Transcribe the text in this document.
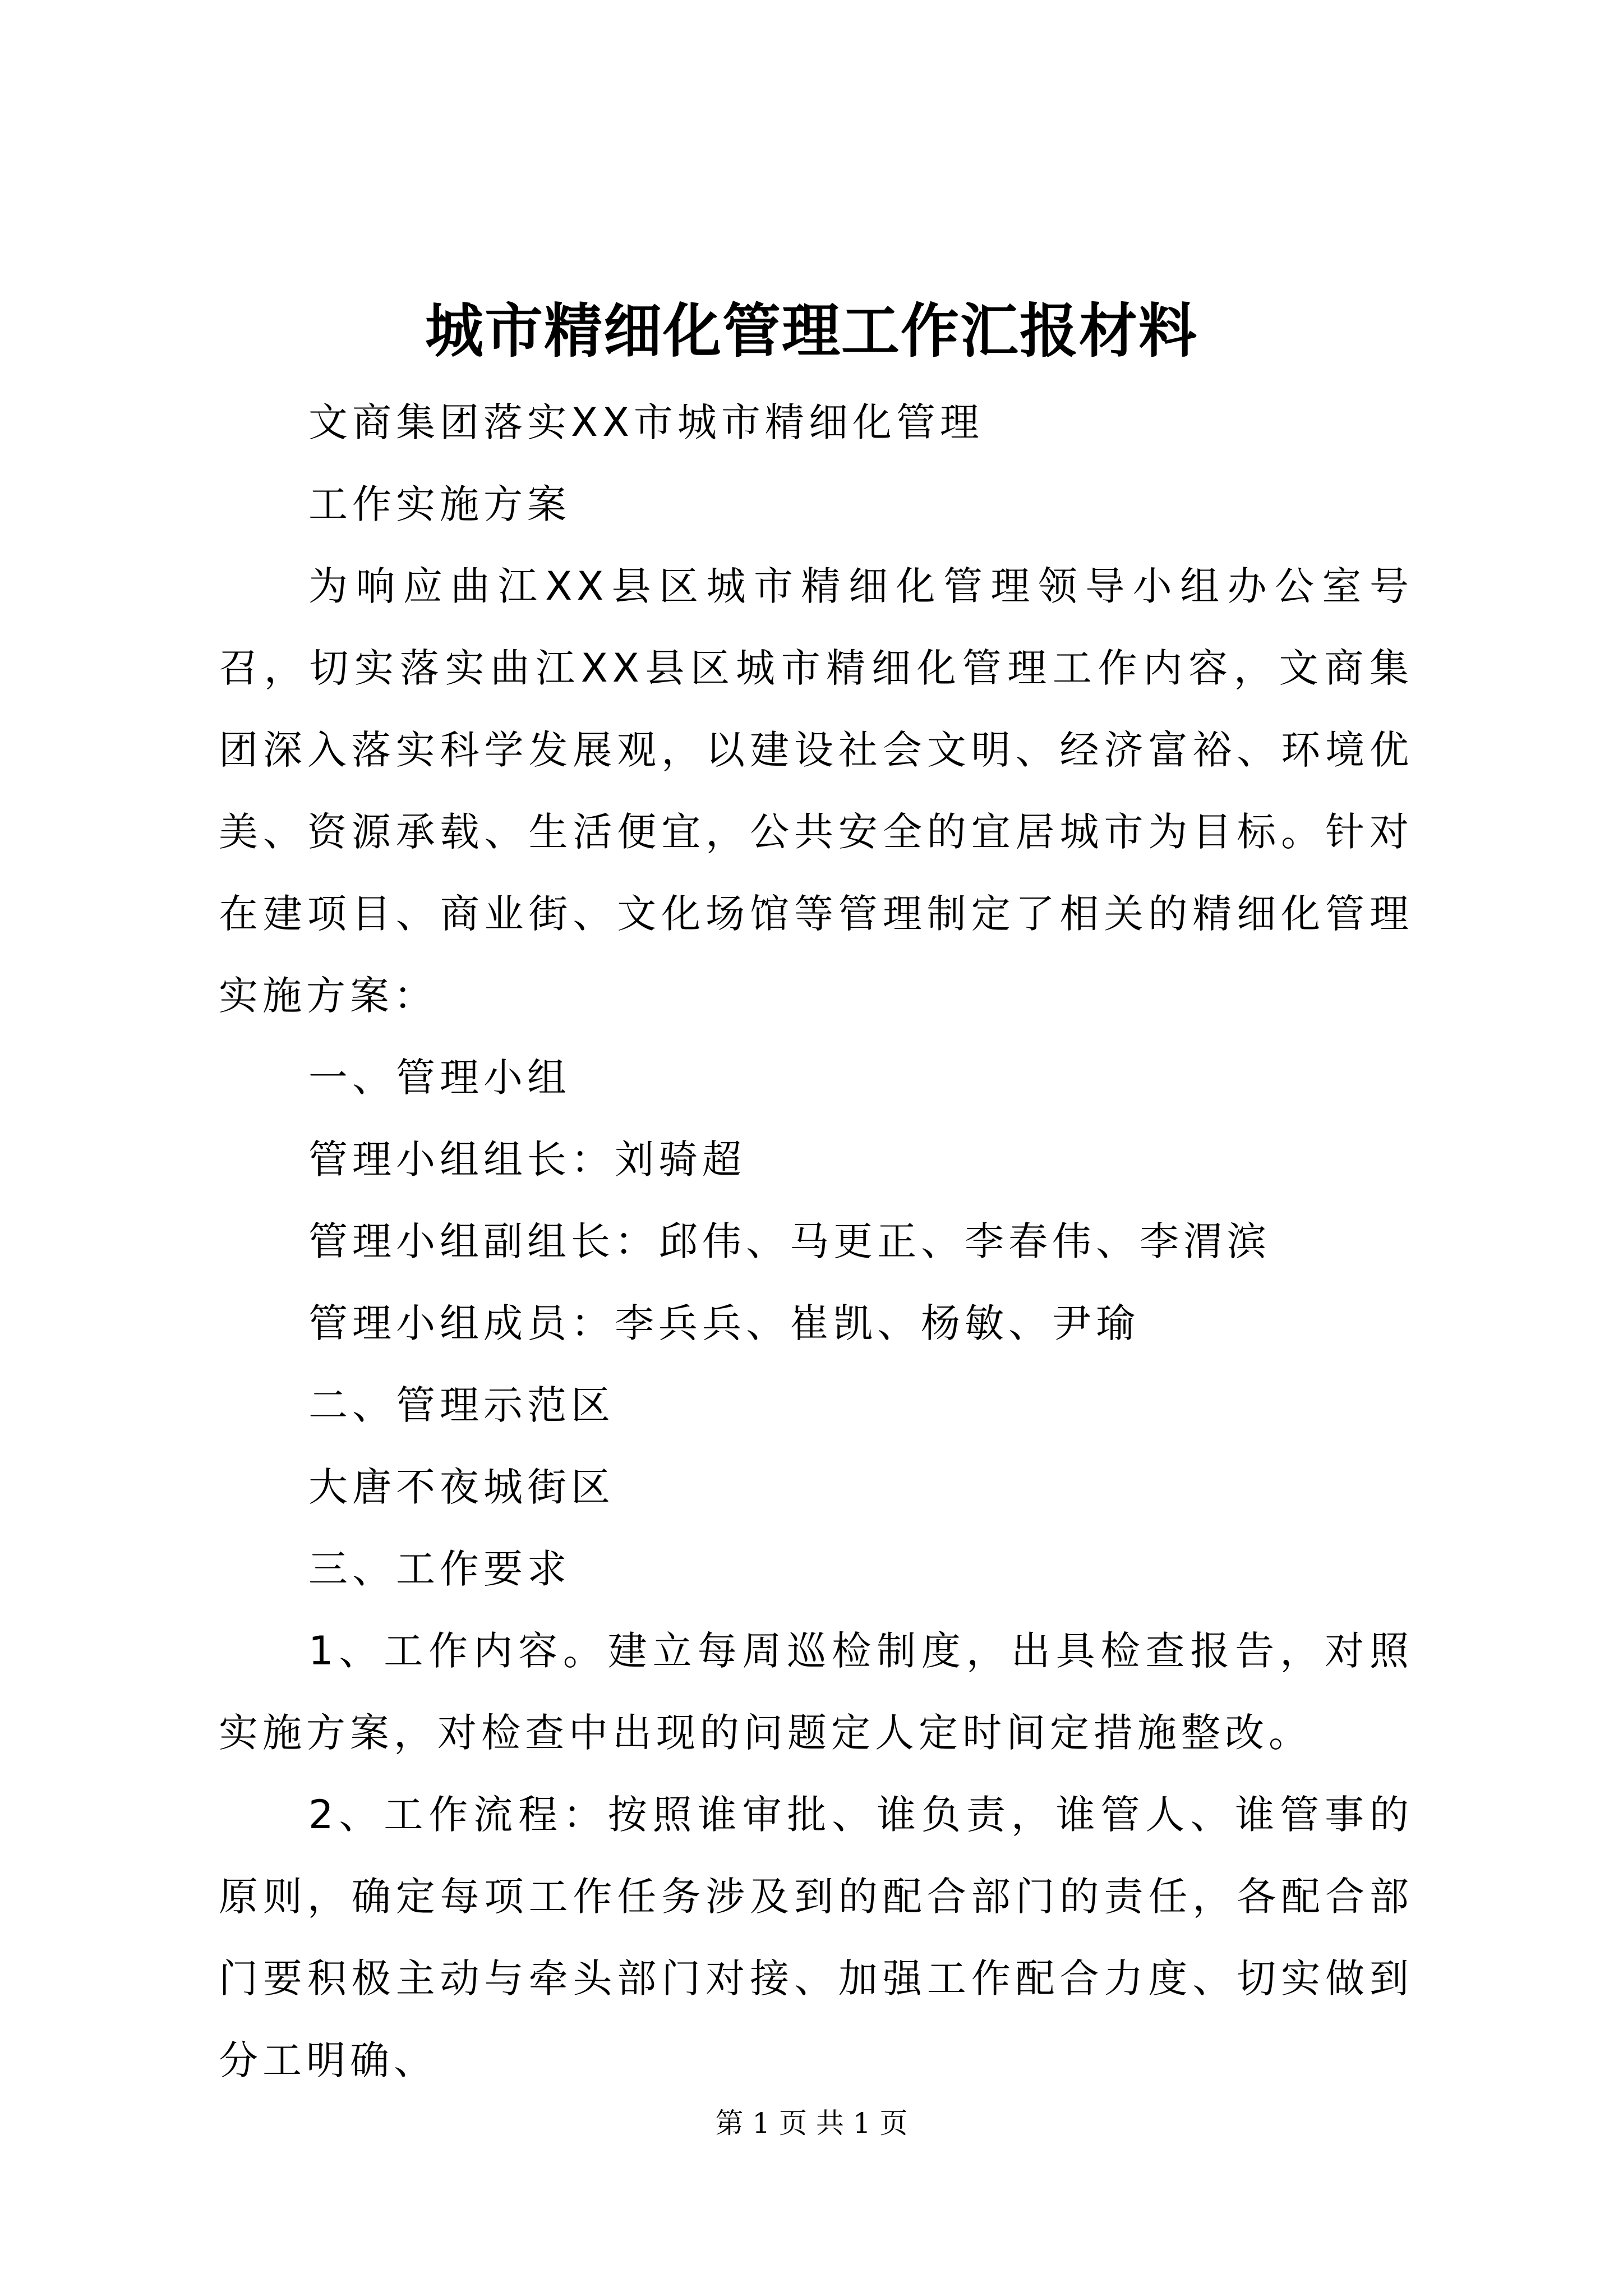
城市精细化管理工作汇报材料

文商集团落实XX市城市精细化管理

工作实施方案

为响应曲江XX县区城市精细化管理领导小组办公室号召，切实落实曲江XX县区城市精细化管理工作内容，文商集团深入落实科学发展观，以建设社会文明、经济富裕、环境优美、资源承载、生活便宜，公共安全的宜居城市为目标。针对在建项目、商业街、文化场馆等管理制定了相关的精细化管理实施方案：

一、管理小组

管理小组组长：刘骑超

管理小组副组长：邱伟、马更正、李春伟、李渭滨

管理小组成员：李兵兵、崔凯、杨敏、尹瑜

二、管理示范区

大唐不夜城街区

三、工作要求

1、工作内容。建立每周巡检制度，出具检查报告，对照实施方案，对检查中出现的问题定人定时间定措施整改。

2、工作流程：按照谁审批、谁负责，谁管人、谁管事的原则，确定每项工作任务涉及到的配合部门的责任，各配合部门要积极主动与牵头部门对接、加强工作配合力度、切实做到分工明确、

第 1 页 共 1 页
